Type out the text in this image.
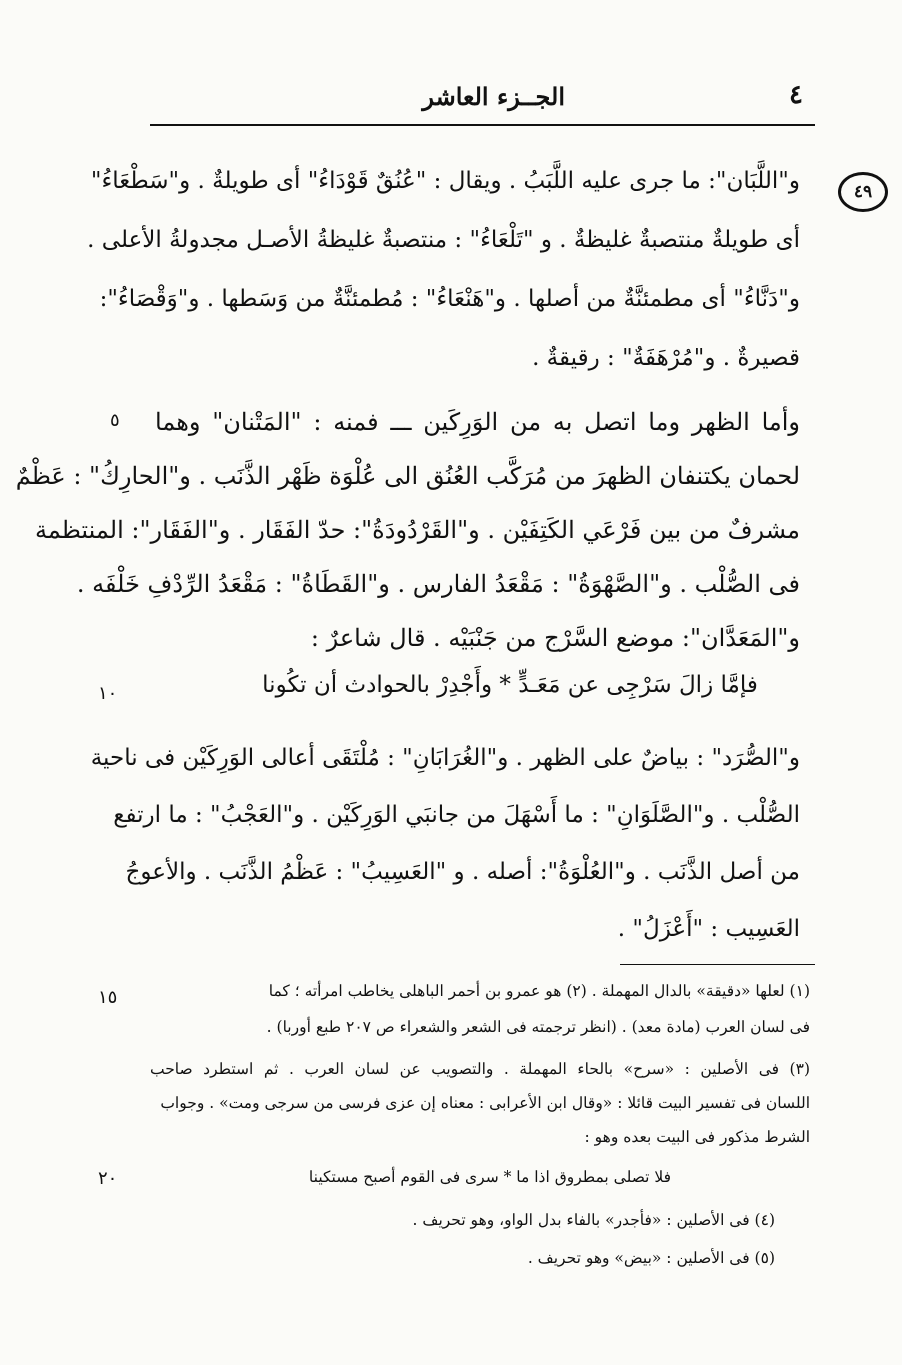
الجــزء العاشر	٤
٤٩
و"اللَّبَان": ما جرى عليه اللَّبَبُ . ويقال : "عُنُقٌ قَوْدَاءُ" أى طويلةٌ . و"سَطْعَاءُ"
أى طويلةٌ منتصبةٌ غليظةٌ . و "تَلْعَاءُ" : منتصبةٌ غليظةُ الأصـل مجدولةُ الأعلى .
و"دَنَّاءُ" أى مطمئنَّةٌ من أصلها . و"هَنْعَاءُ" : مُطمئنَّةٌ من وَسَطها . و"وَقْصَاءُ":
قصيرةٌ . و"مُرْهَفَةٌ" : رقيقةٌ .
وأما الظهر وما اتصل به من الوَرِكَين ـــ فمنه : "المَتْنان" وهما
لحمان يكتنفان الظهرَ من مُرَكَّب العُنُق الى عُلْوَة ظَهْر الذَّنَب . و"الحارِكُ" : عَظْمٌ
مشرفٌ من بين فَرْعَي الكَتِفَيْن . و"القَرْدُودَةُ": حدّ الفَقَار . و"الفَقَار": المنتظمة
فى الصُّلْب . و"الصَّهْوَةُ" : مَقْعَدُ الفارس . و"القَطَاةُ" : مَقْعَدُ الرِّدْفِ خَلْفَه .
و"المَعَدَّان": موضع السَّرْج من جَنْبَيْه . قال شاعرٌ :
فإمَّا زالَ سَرْجِى عن مَعَـدٍّ * وأَجْدِرْ بالحوادث أن تكُونا
و"الصُّرَد" : بياضٌ على الظهر . و"الغُرَابَانِ" : مُلْتَقَى أعالى الوَرِكَيْن فى ناحية
الصُّلْب . و"الصَّلَوَانِ" : ما أَسْهَلَ من جانبَي الوَرِكَيْن . و"العَجْبُ" : ما ارتفع
من أصل الذَّنَب . و"العُلْوَةُ": أصله . و "العَسِيبُ" : عَظْمُ الذَّنَب . والأعوجُ
العَسِيب : "أَعْزَلُ" .
٥
١٠
١٥
٢٠
(١) لعلها «دقيقة» بالدال المهملة . (٢) هو عمرو بن أحمر الباهلى يخاطب امرأته ؛ كما
فى لسان العرب (مادة معد) . (انظر ترجمته فى الشعر والشعراء ص ٢٠٧ طبع أوربا) .
(٣) فى الأصلين : «سرح» بالحاء المهملة . والتصويب عن لسان العرب . ثم استطرد صاحب
اللسان فى تفسير البيت قائلا : «وقال ابن الأعرابى : معناه إن عزى فرسى من سرجى ومت» . وجواب
الشرط مذكور فى البيت بعده وهو :
(٤) فى الأصلين : «فأجدر» بالفاء بدل الواو، وهو تحريف .
(٥) فى الأصلين : «بيض» وهو تحريف .
فلا تصلى بمطروق اذا ما * سرى فى القوم أصبح مستكينا
